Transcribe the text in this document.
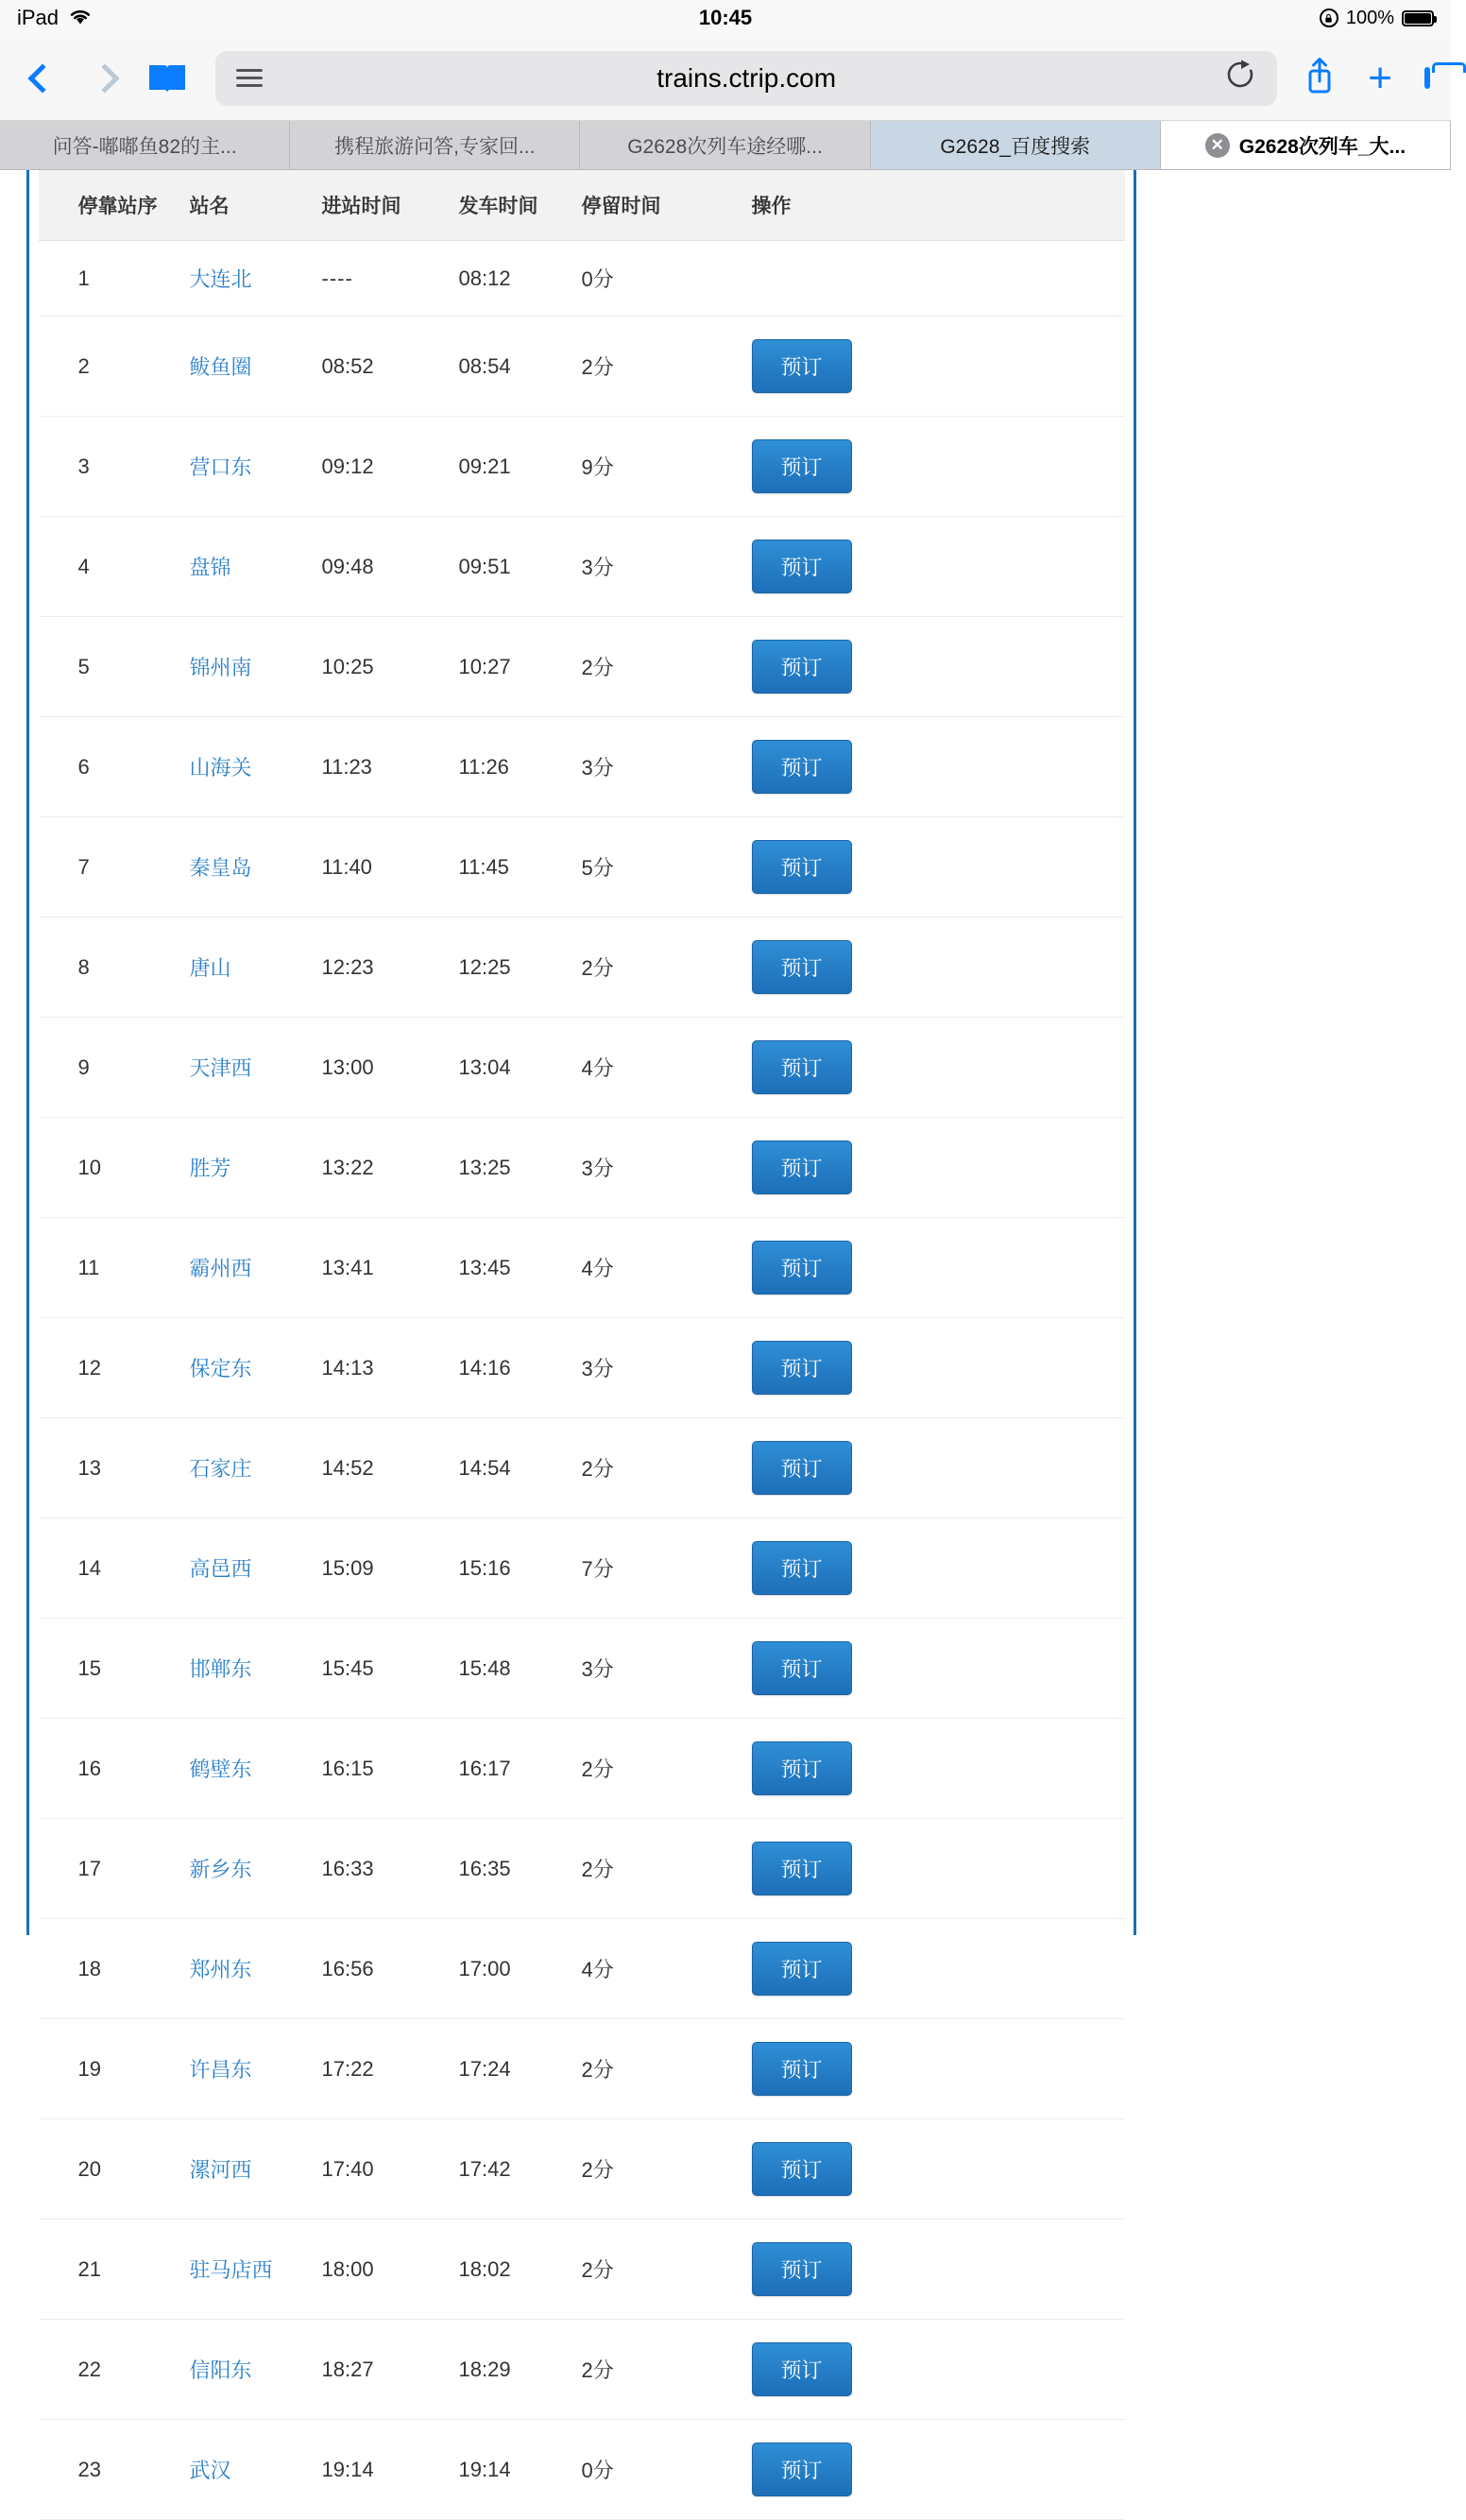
iPad	10:45	100%
trains.ctrip.com	+
问答-嘟嘟鱼82的主...	携程旅游问答,专家回...	G2628次列车途经哪...	G2628_百度搜索	✕ G2628次列车_大...
停靠站序	站名	进站时间	发车时间	停留时间	操作
1	大连北	----	08:12	0分	
2	鲅鱼圈	08:52	08:54	2分	预订
3	营口东	09:12	09:21	9分	预订
4	盘锦	09:48	09:51	3分	预订
5	锦州南	10:25	10:27	2分	预订
6	山海关	11:23	11:26	3分	预订
7	秦皇岛	11:40	11:45	5分	预订
8	唐山	12:23	12:25	2分	预订
9	天津西	13:00	13:04	4分	预订
10	胜芳	13:22	13:25	3分	预订
11	霸州西	13:41	13:45	4分	预订
12	保定东	14:13	14:16	3分	预订
13	石家庄	14:52	14:54	2分	预订
14	高邑西	15:09	15:16	7分	预订
15	邯郸东	15:45	15:48	3分	预订
16	鹤壁东	16:15	16:17	2分	预订
17	新乡东	16:33	16:35	2分	预订
18	郑州东	16:56	17:00	4分	预订
19	许昌东	17:22	17:24	2分	预订
20	漯河西	17:40	17:42	2分	预订
21	驻马店西	18:00	18:02	2分	预订
22	信阳东	18:27	18:29	2分	预订
23	武汉	19:14	19:14	0分	预订
